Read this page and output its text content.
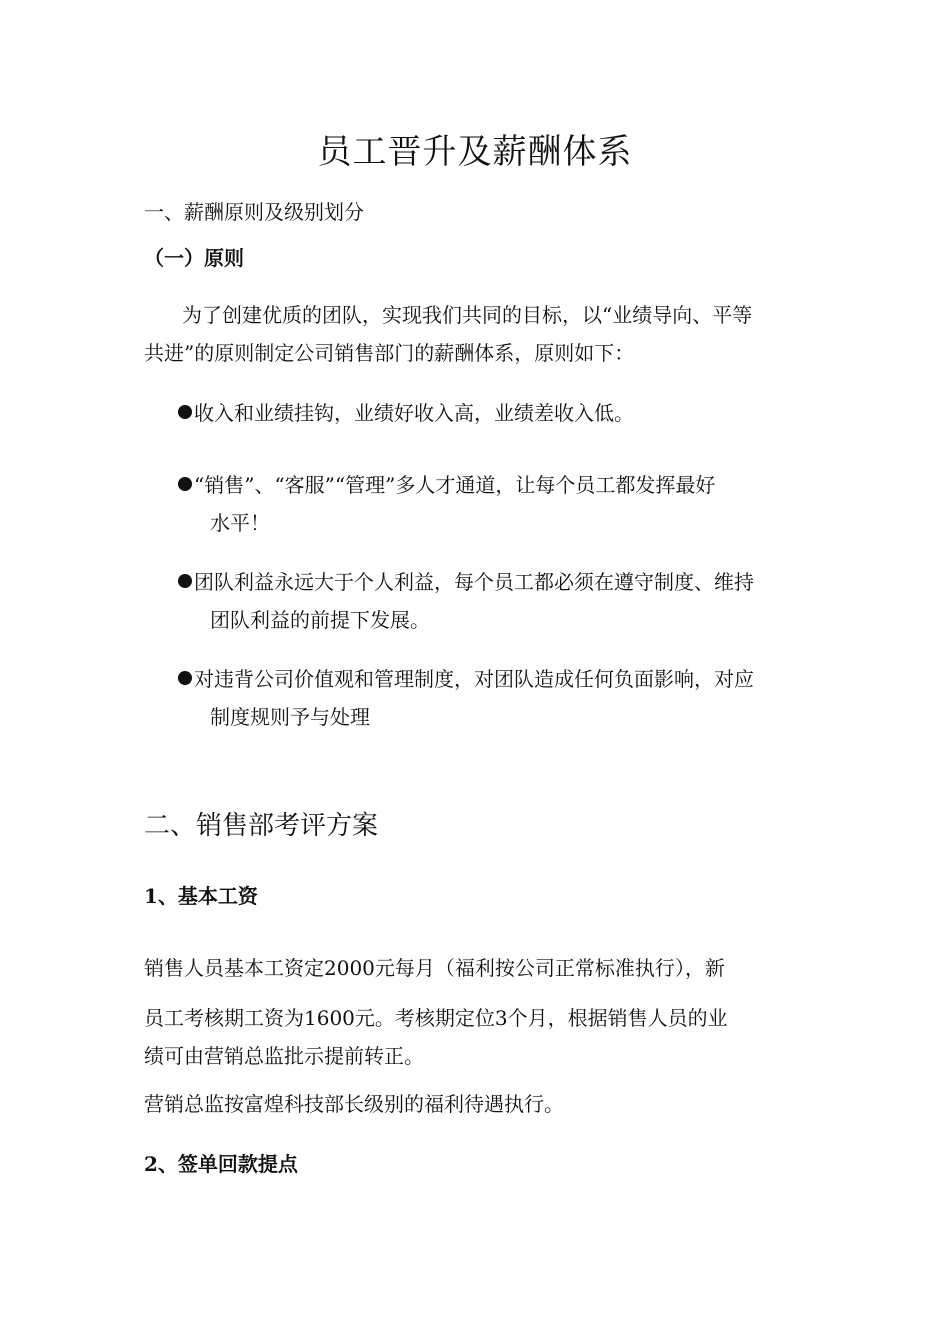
员工晋升及薪酬体系
一、薪酬原则及级别划分
（一）原则
为了创建优质的团队，实现我们共同的目标，以“业绩导向、平等
共进”的原则制定公司销售部门的薪酬体系，原则如下：
收入和业绩挂钩，业绩好收入高，业绩差收入低。
“销售”、“客服”“管理”多人才通道，让每个员工都发挥最好
水平！
团队利益永远大于个人利益，每个员工都必须在遵守制度、维持
团队利益的前提下发展。
对违背公司价值观和管理制度，对团队造成任何负面影响，对应
制度规则予与处理
二、销售部考评方案
1、基本工资
销售人员基本工资定2000元每月（福利按公司正常标准执行），新
员工考核期工资为1600元。考核期定位3个月，根据销售人员的业
绩可由营销总监批示提前转正。
营销总监按富煌科技部长级别的福利待遇执行。
2、签单回款提点
